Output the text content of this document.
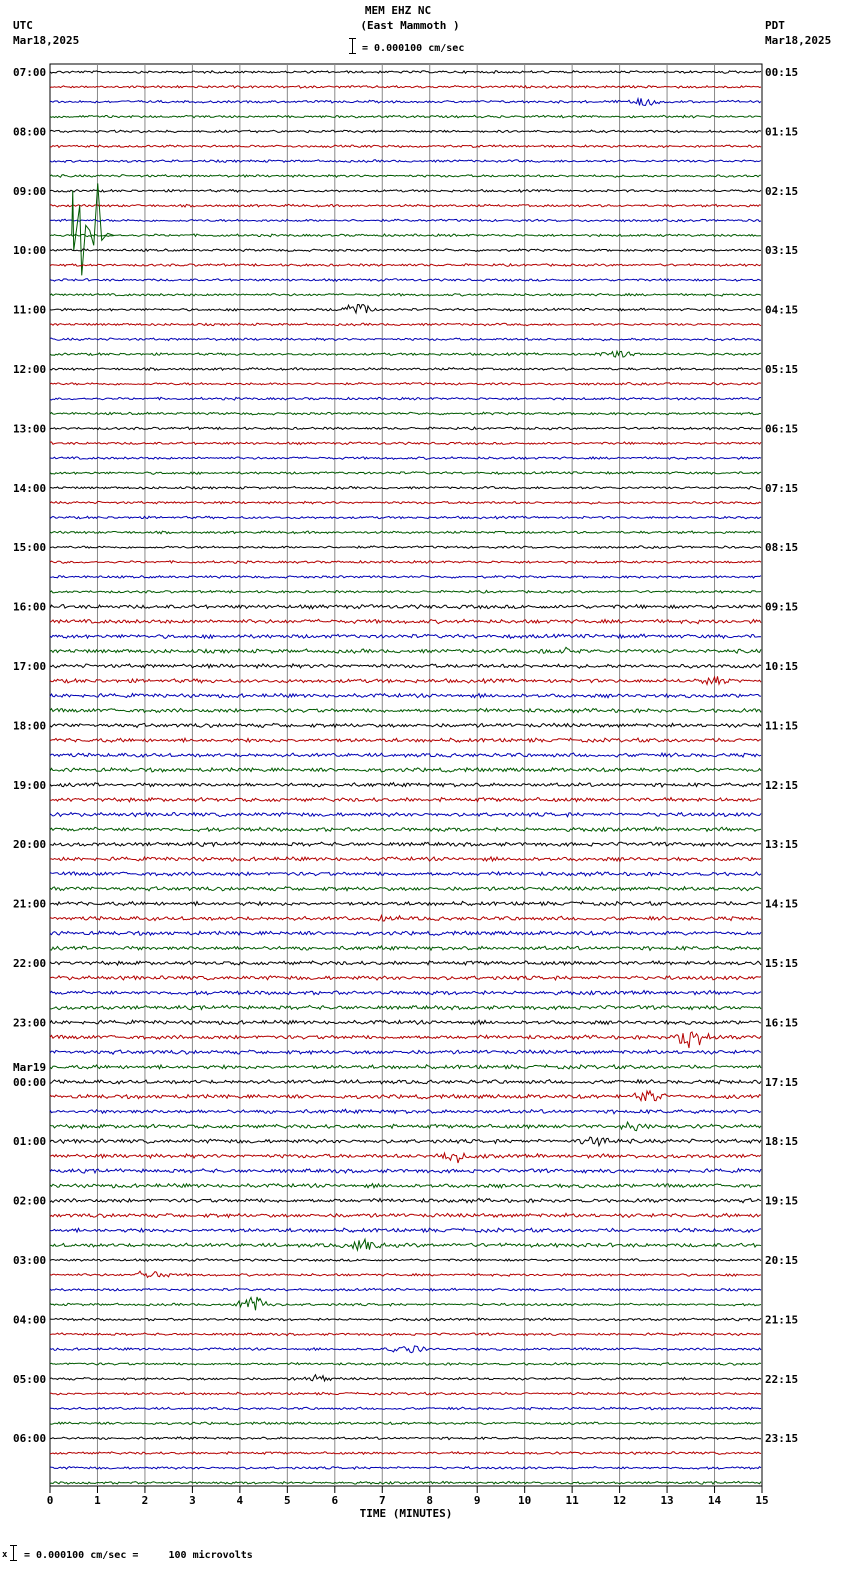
MEM EHZ NC
(East Mammoth )
= 0.000100 cm/sec
UTC
Mar18,2025
PDT
Mar18,2025
07:00
08:00
09:00
10:00
11:00
12:00
13:00
14:00
15:00
16:00
17:00
18:00
19:00
20:00
21:00
22:00
23:00
00:00
01:00
02:00
03:00
04:00
05:00
06:00
Mar19
00:15
01:15
02:15
03:15
04:15
05:15
06:15
07:15
08:15
09:15
10:15
11:15
12:15
13:15
14:15
15:15
16:15
17:15
18:15
19:15
20:15
21:15
22:15
23:15
0	1	2	3	4	5	6	7	8	9	10	11	12	13	14	15
TIME (MINUTES)
x = 0.000100 cm/sec =     100 microvolts
